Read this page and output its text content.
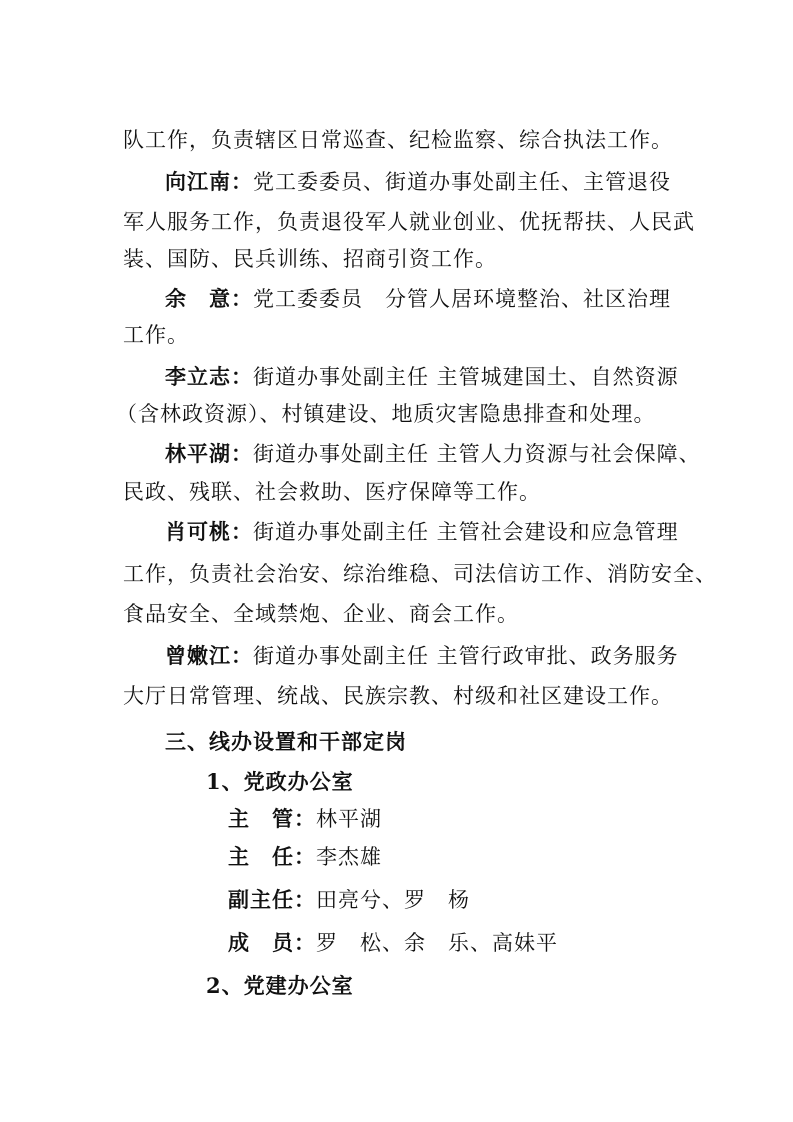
队工作，负责辖区日常巡查、纪检监察、综合执法工作。
向江南：党工委委员、街道办事处副主任、主管退役
军人服务工作，负责退役军人就业创业、优抚帮扶、人民武
装、国防、民兵训练、招商引资工作。
余　意：党工委委员　分管人居环境整治、社区治理
工作。
李立志：街道办事处副主任 主管城建国土、自然资源
（含林政资源）、村镇建设、地质灾害隐患排查和处理。
林平湖：街道办事处副主任 主管人力资源与社会保障、
民政、残联、社会救助、医疗保障等工作。
肖可桃：街道办事处副主任 主管社会建设和应急管理
工作，负责社会治安、综治维稳、司法信访工作、消防安全、
食品安全、全域禁炮、企业、商会工作。
曾嫩江：街道办事处副主任 主管行政审批、政务服务
大厅日常管理、统战、民族宗教、村级和社区建设工作。
三、线办设置和干部定岗
1、党政办公室
主　管：林平湖
主　任：李杰雄
副主任：田亮兮、罗　杨
成　员：罗　松、余　乐、高妹平
2、党建办公室
